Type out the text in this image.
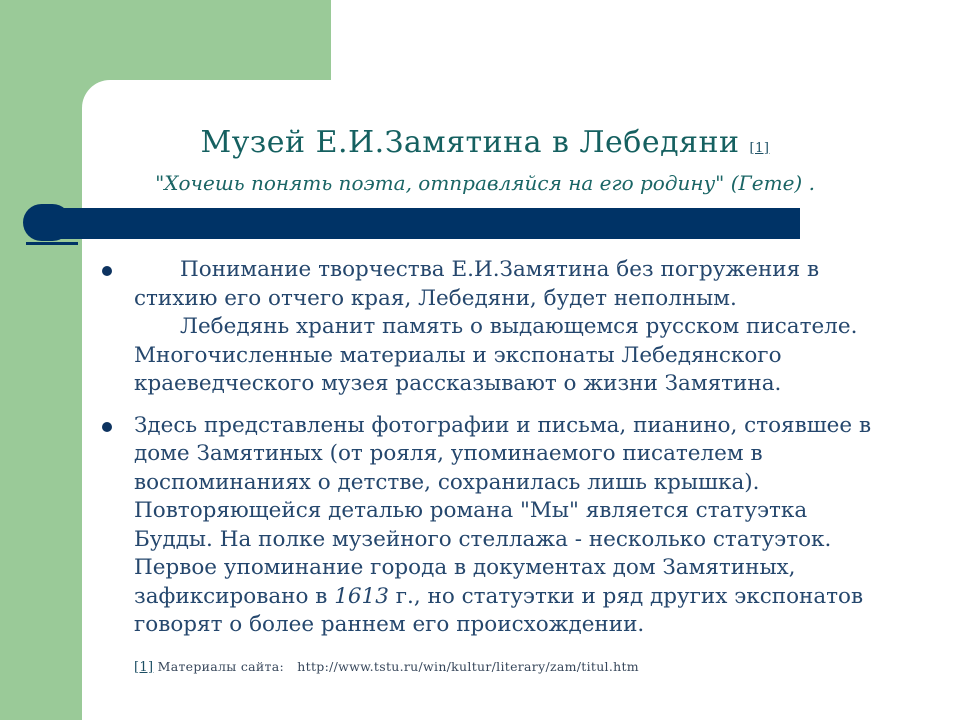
Музей Е.И.Замятина в Лебедяни [1]
"Хочешь понять поэта, отправляйся на его родину" (Гете) .

Понимание творчества Е.И.Замятина без погружения в стихию его отчего края, Лебедяни, будет неполным.

Лебедянь хранит память о выдающемся русском писателе. Многочисленные материалы и экспонаты Лебедянского краеведческого музея рассказывают о жизни Замятина.

Здесь представлены фотографии и письма, пианино, стоявшее в доме Замятиных (от рояля, упоминаемого писателем в воспоминаниях о детстве, сохранилась лишь крышка). Повторяющейся деталью романа "Мы" является статуэтка Будды. На полке музейного стеллажа - несколько статуэток. Первое упоминание города в документах дом Замятиных, зафиксировано в 1613 г., но статуэтки и ряд других экспонатов говорят о более раннем его происхождении.

[1] Материалы сайта: http://www.tstu.ru/win/kultur/literary/zam/titul.htm
